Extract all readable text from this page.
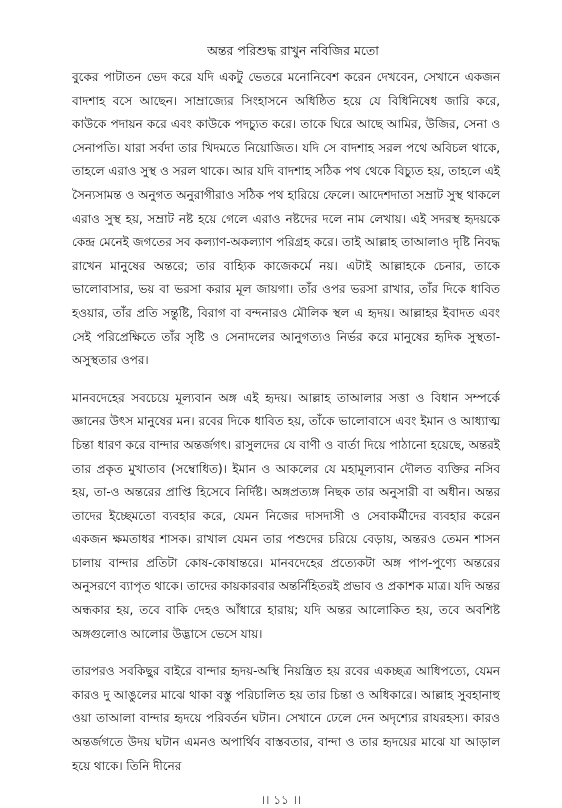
অন্তর পরিশুদ্ধ রাখুন নবিজির মতো

বুকের পাটাতন ভেদ করে যদি একটু ভেতরে মনোনিবেশ করেন দেখবেন, সেখানে একজন বাদশাহ বসে আছেন। সাম্রাজ্যের সিংহাসনে অধিষ্ঠিত হয়ে যে বিধিনিষেধ জারি করে, কাউকে পদায়ন করে এবং কাউকে পদচ্যুত করে। তাকে ঘিরে আছে আমির, উজির, সেনা ও সেনাপতি। যারা সর্বদা তার খিদমতে নিয়োজিত। যদি সে বাদশাহ সরল পথে অবিচল থাকে, তাহলে এরাও সুস্থ ও সরল থাকে। আর যদি বাদশাহ সঠিক পথ থেকে বিচ্যুত হয়, তাহলে এই সৈন্যসামন্ত ও অনুগত অনুরাগীরাও সঠিক পথ হারিয়ে ফেলে। আদেশদাতা সম্রাট সুস্থ থাকলে এরাও সুস্থ হয়, সম্রাট নষ্ট হয়ে গেলে এরাও নষ্টদের দলে নাম লেখায়। এই সদরস্থ হৃদয়কে কেন্দ্র মেনেই জগতের সব কল্যাণ-অকল্যাণ পরিগ্রহ করে। তাই আল্লাহ তাআলাও দৃষ্টি নিবদ্ধ রাখেন মানুষের অন্তরে; তার বাহ্যিক কাজেকর্মে নয়। এটাই আল্লাহকে চেনার, তাকে ভালোবাসার, ভয় বা ভরসা করার মূল জায়গা। তাঁর ওপর ভরসা রাখার, তাঁর দিকে ধাবিত হওয়ার, তাঁর প্রতি সন্তুষ্টি, বিরাগ বা বন্দনারও মৌলিক স্থল এ হৃদয়। আল্লাহর ইবাদত এবং সেই পরিপ্রেক্ষিতে তাঁর সৃষ্টি ও সেনাদলের আনুগত্যও নির্ভর করে মানুষের হৃদিক সুস্থতা-অসুস্থতার ওপর।

মানবদেহের সবচেয়ে মূল্যবান অঙ্গ এই হৃদয়। আল্লাহ তাআলার সত্তা ও বিধান সম্পর্কে জ্ঞানের উৎস মানুষের মন। রবের দিকে ধাবিত হয়, তাঁকে ভালোবাসে এবং ইমান ও আধ্যাত্ম চিন্তা ধারণ করে বান্দার অন্তর্জগৎ। রাসুলদের যে বাণী ও বার্তা দিয়ে পাঠানো হয়েছে, অন্তরই তার প্রকৃত মুখাতাব (সম্বোধিত)। ইমান ও আকলের যে মহামূল্যবান দৌলত ব্যক্তির নসিব হয়, তা-ও অন্তরের প্রাপ্তি হিসেবে নির্দিষ্ট। অঙ্গপ্রত্যঙ্গ নিছক তার অনুসারী বা অধীন। অন্তর তাদের ইচ্ছেমতো ব্যবহার করে, যেমন নিজের দাসদাসী ও সেবাকর্মীদের ব্যবহার করেন একজন ক্ষমতাধর শাসক। রাখাল যেমন তার পশুদের চরিয়ে বেড়ায়, অন্তরও তেমন শাসন চালায় বান্দার প্রতিটা কোষ-কোষান্তরে। মানবদেহের প্রত্যেকটা অঙ্গ পাপ-পুণ্যে অন্তরের অনুসরণে ব্যাপৃত থাকে। তাদের কায়কারবার অন্তর্নিহিতরই প্রভাব ও প্রকাশক মাত্র। যদি অন্তর অন্ধকার হয়, তবে বাকি দেহও আঁধারে হারায়; যদি অন্তর আলোকিত হয়, তবে অবশিষ্ট অঙ্গগুলোও আলোর উদ্ভাসে ভেসে যায়।

তারপরও সবকিছুর বাইরে বান্দার হৃদয়-অস্থি নিয়ন্ত্রিত হয় রবের একচ্ছত্র আধিপত্যে, যেমন কারও দু আঙুলের মাঝে থাকা বস্তু পরিচালিত হয় তার চিন্তা ও অধিকারে। আল্লাহ সুবহানাহু ওয়া তাআলা বান্দার হৃদয়ে পরিবর্তন ঘটান। সেখানে ঢেলে দেন অদৃশ্যের রাযরহস্য। কারও অন্তর্জগতে উদয় ঘটান এমনও অপার্থিব বাস্তবতার, বান্দা ও তার হৃদয়ের মাঝে যা আড়াল হয়ে থাকে। তিনি দীনের

।। ১১ ।।
